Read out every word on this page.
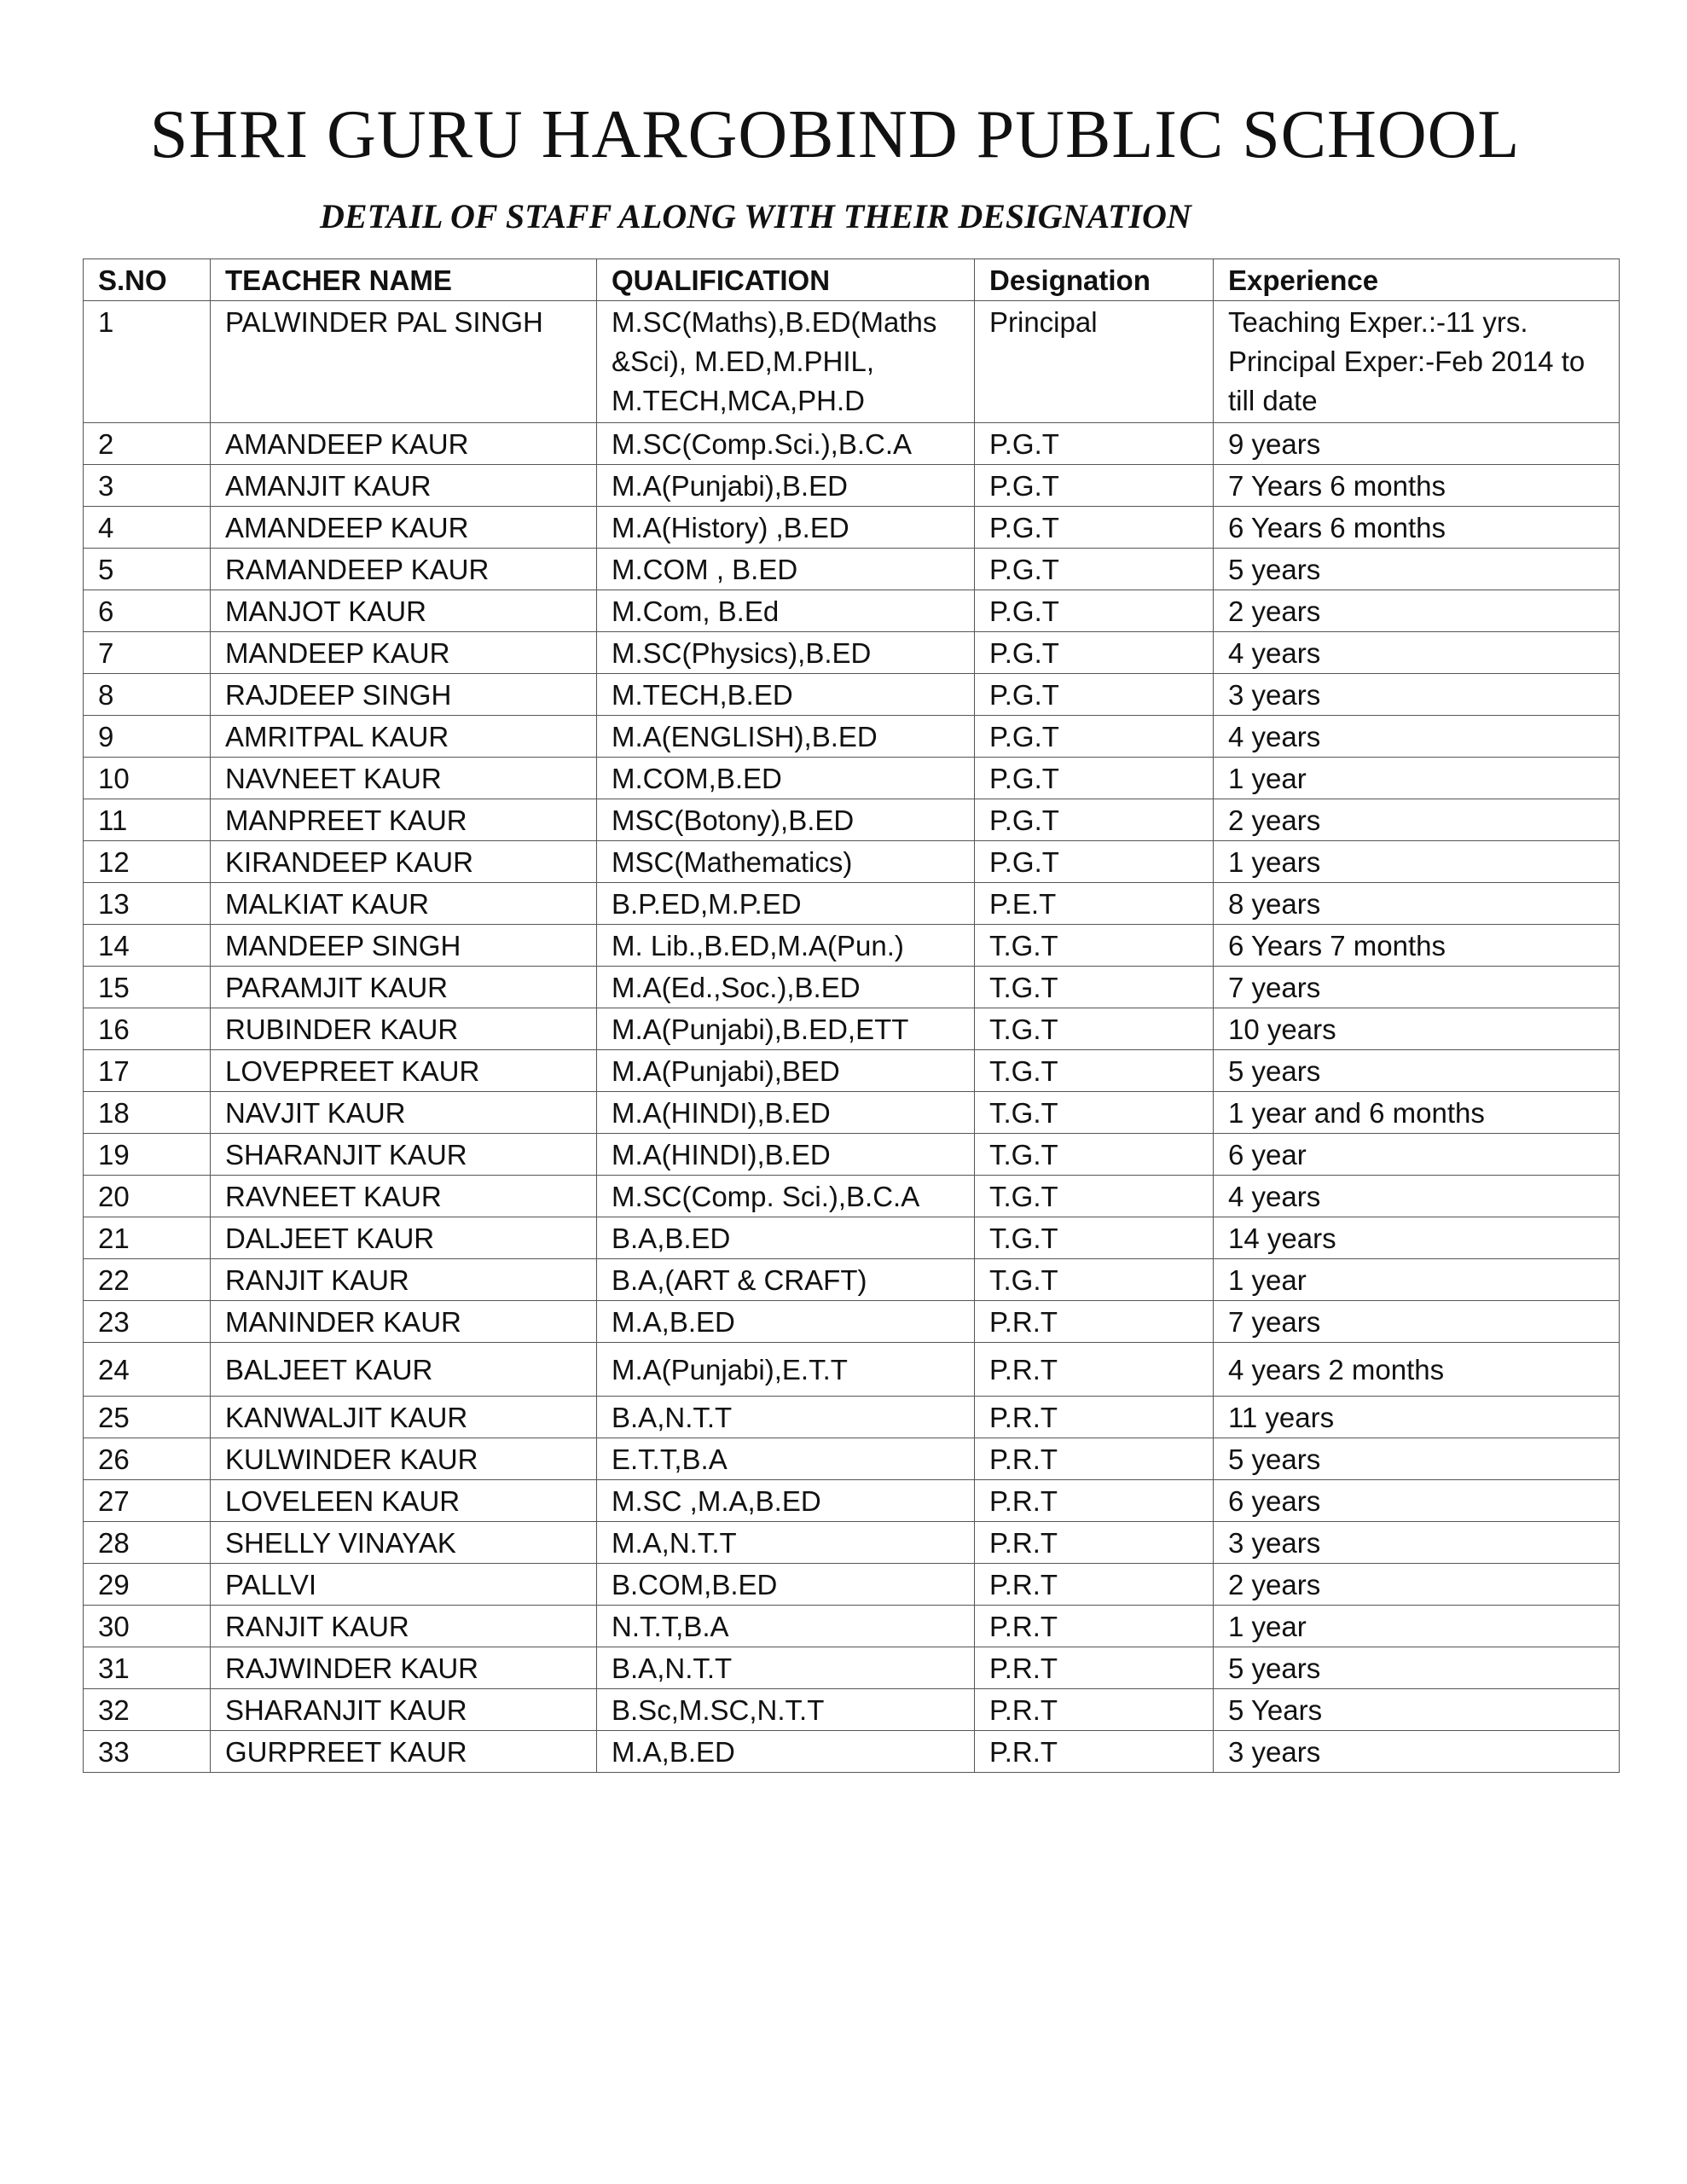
SHRI GURU HARGOBIND PUBLIC SCHOOL
DETAIL OF STAFF ALONG WITH THEIR DESIGNATION
S.NO	TEACHER NAME	QUALIFICATION	Designation	Experience
1	PALWINDER PAL SINGH	M.SC(Maths),B.ED(Maths &Sci), M.ED,M.PHIL, M.TECH,MCA,PH.D	Principal	Teaching Exper.:-11 yrs. Principal Exper:-Feb 2014 to till date
2	AMANDEEP KAUR	M.SC(Comp.Sci.),B.C.A	P.G.T	9 years
3	AMANJIT KAUR	M.A(Punjabi),B.ED	P.G.T	7 Years 6 months
4	AMANDEEP KAUR	M.A(History) ,B.ED	P.G.T	6 Years 6 months
5	RAMANDEEP KAUR	M.COM , B.ED	P.G.T	5 years
6	MANJOT KAUR	M.Com, B.Ed	P.G.T	2 years
7	MANDEEP KAUR	M.SC(Physics),B.ED	P.G.T	4 years
8	RAJDEEP SINGH	M.TECH,B.ED	P.G.T	3 years
9	AMRITPAL KAUR	M.A(ENGLISH),B.ED	P.G.T	4 years
10	NAVNEET KAUR	M.COM,B.ED	P.G.T	1 year
11	MANPREET KAUR	MSC(Botony),B.ED	P.G.T	2 years
12	KIRANDEEP KAUR	MSC(Mathematics)	P.G.T	1 years
13	MALKIAT KAUR	B.P.ED,M.P.ED	P.E.T	8 years
14	MANDEEP SINGH	M. Lib.,B.ED,M.A(Pun.)	T.G.T	6 Years 7 months
15	PARAMJIT KAUR	M.A(Ed.,Soc.),B.ED	T.G.T	7 years
16	RUBINDER KAUR	M.A(Punjabi),B.ED,ETT	T.G.T	10 years
17	LOVEPREET KAUR	M.A(Punjabi),BED	T.G.T	5 years
18	NAVJIT KAUR	M.A(HINDI),B.ED	T.G.T	1 year and 6 months
19	SHARANJIT KAUR	M.A(HINDI),B.ED	T.G.T	6 year
20	RAVNEET KAUR	M.SC(Comp. Sci.),B.C.A	T.G.T	4 years
21	DALJEET KAUR	B.A,B.ED	T.G.T	14 years
22	RANJIT KAUR	B.A,(ART & CRAFT)	T.G.T	1 year
23	MANINDER KAUR	M.A,B.ED	P.R.T	7 years
24	BALJEET KAUR	M.A(Punjabi),E.T.T	P.R.T	4 years 2 months
25	KANWALJIT KAUR	B.A,N.T.T	P.R.T	11 years
26	KULWINDER KAUR	E.T.T,B.A	P.R.T	5 years
27	LOVELEEN KAUR	M.SC ,M.A,B.ED	P.R.T	6 years
28	SHELLY VINAYAK	M.A,N.T.T	P.R.T	3 years
29	PALLVI	B.COM,B.ED	P.R.T	2 years
30	RANJIT KAUR	N.T.T,B.A	P.R.T	1 year
31	RAJWINDER KAUR	B.A,N.T.T	P.R.T	5 years
32	SHARANJIT KAUR	B.Sc,M.SC,N.T.T	P.R.T	5 Years
33	GURPREET KAUR	M.A,B.ED	P.R.T	3 years
